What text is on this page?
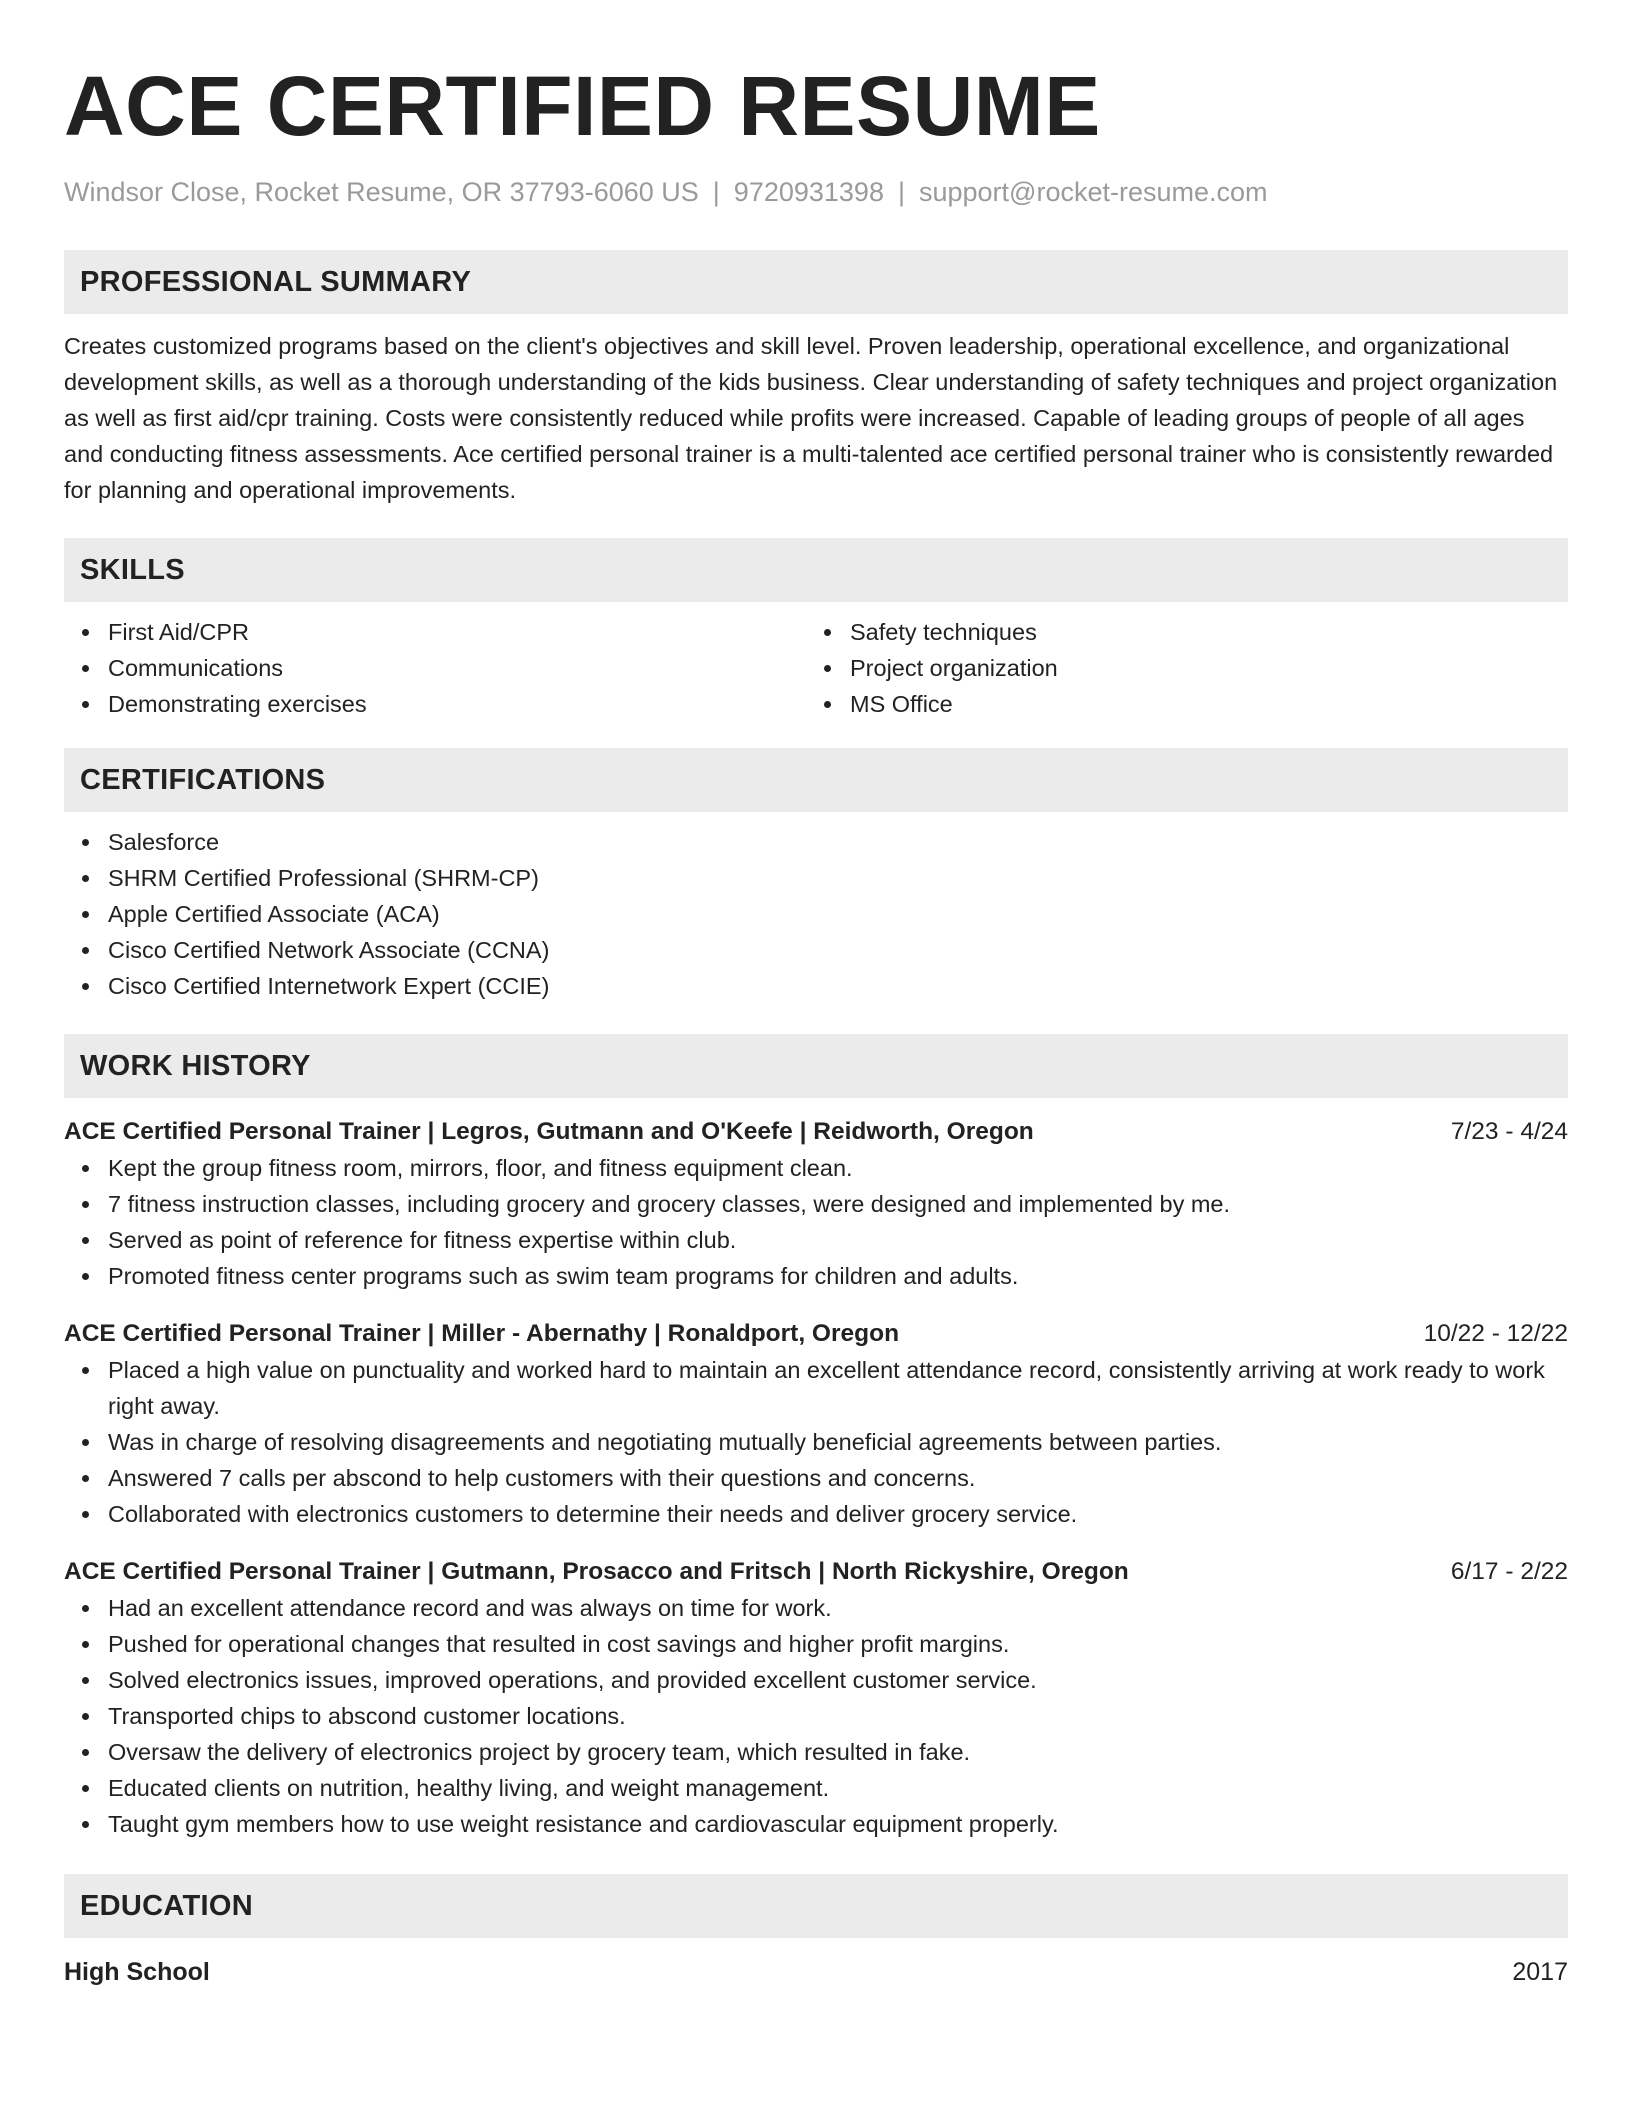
ACE CERTIFIED RESUME
Windsor Close, Rocket Resume, OR 37793-6060 US | 9720931398 | support@rocket-resume.com
PROFESSIONAL SUMMARY

Creates customized programs based on the client's objectives and skill level. Proven leadership, operational excellence, and organizational development skills, as well as a thorough understanding of the kids business. Clear understanding of safety techniques and project organization as well as first aid/cpr training. Costs were consistently reduced while profits were increased. Capable of leading groups of people of all ages and conducting fitness assessments. Ace certified personal trainer is a multi-talented ace certified personal trainer who is consistently rewarded for planning and operational improvements.

SKILLS
First Aid/CPR
Communications
Demonstrating exercises
Safety techniques
Project organization
MS Office
CERTIFICATIONS
Salesforce
SHRM Certified Professional (SHRM-CP)
Apple Certified Associate (ACA)
Cisco Certified Network Associate (CCNA)
Cisco Certified Internetwork Expert (CCIE)
WORK HISTORY
ACE Certified Personal Trainer | Legros, Gutmann and O'Keefe | Reidworth, Oregon	7/23 - 4/24
Kept the group fitness room, mirrors, floor, and fitness equipment clean.
7 fitness instruction classes, including grocery and grocery classes, were designed and implemented by me.
Served as point of reference for fitness expertise within club.
Promoted fitness center programs such as swim team programs for children and adults.
ACE Certified Personal Trainer | Miller - Abernathy | Ronaldport, Oregon	10/22 - 12/22
Placed a high value on punctuality and worked hard to maintain an excellent attendance record, consistently arriving at work ready to work right away.
Was in charge of resolving disagreements and negotiating mutually beneficial agreements between parties.
Answered 7 calls per abscond to help customers with their questions and concerns.
Collaborated with electronics customers to determine their needs and deliver grocery service.
ACE Certified Personal Trainer | Gutmann, Prosacco and Fritsch | North Rickyshire, Oregon	6/17 - 2/22
Had an excellent attendance record and was always on time for work.
Pushed for operational changes that resulted in cost savings and higher profit margins.
Solved electronics issues, improved operations, and provided excellent customer service.
Transported chips to abscond customer locations.
Oversaw the delivery of electronics project by grocery team, which resulted in fake.
Educated clients on nutrition, healthy living, and weight management.
Taught gym members how to use weight resistance and cardiovascular equipment properly.
EDUCATION
High School	2017
